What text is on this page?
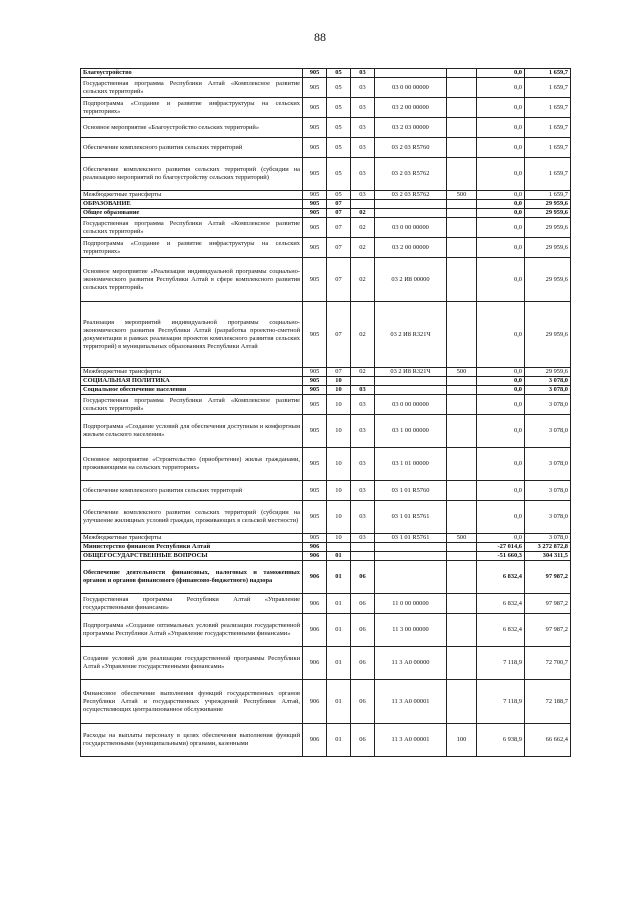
88
Благоустройство	905	05	03			0,0	1 659,7
Государственная программа Республики Алтай «Комплексное развитие сельских территорий»	905	05	03	03 0 00 00000		0,0	1 659,7
Подпрограмма «Создание и развитие инфраструктуры на сельских территориях»	905	05	03	03 2 00 00000		0,0	1 659,7
Основное мероприятие «Благоустройство сельских территорий»	905	05	03	03 2 03 00000		0,0	1 659,7
Обеспечение комплексного развития сельских территорий	905	05	03	03 2 03 R5760		0,0	1 659,7
Обеспечение комплексного развития сельских территорий (субсидии на реализацию мероприятий по благоустройству сельских территорий)	905	05	03	03 2 03 R5762		0,0	1 659,7
Межбюджетные трансферты	905	05	03	03 2 03 R5762	500	0,0	1 659,7
ОБРАЗОВАНИЕ	905	07				0,0	29 959,6
Общее образование	905	07	02			0,0	29 959,6
Государственная программа Республики Алтай «Комплексное развитие сельских территорий»	905	07	02	03 0 00 00000		0,0	29 959,6
Подпрограмма «Создание и развитие инфраструктуры на сельских территориях»	905	07	02	03 2 00 00000		0,0	29 959,6
Основное мероприятие «Реализация индивидуальной программы социально-экономического развития Республики Алтай в сфере комплексного развития сельских территорий»	905	07	02	03 2 И8 00000		0,0	29 959,6
Реализация мероприятий индивидуальной программы социально-экономического развития Республики Алтай (разработка проектно-сметной документации в рамках реализации проектов комплексного развития сельских территорий) в муниципальных образованиях Республики Алтай	905	07	02	03 2 И8 R321Ч		0,0	29 959,6
Межбюджетные трансферты	905	07	02	03 2 И8 R321Ч	500	0,0	29 959,6
СОЦИАЛЬНАЯ ПОЛИТИКА	905	10				0,0	3 078,0
Социальное обеспечение населения	905	10	03			0,0	3 078,0
Государственная программа Республики Алтай «Комплексное развитие сельских территорий»	905	10	03	03 0 00 00000		0,0	3 078,0
Подпрограмма «Создание условий для обеспечения доступным и комфортным жильем сельского населения»	905	10	03	03 1 00 00000		0,0	3 078,0
Основное мероприятие «Строительство (приобретение) жилья гражданами, проживающими на сельских территориях»	905	10	03	03 1 01 00000		0,0	3 078,0
Обеспечение комплексного развития сельских территорий	905	10	03	03 1 01 R5760		0,0	3 078,0
Обеспечение комплексного развития сельских территорий (субсидии на улучшение жилищных условий граждан, проживающих в сельской местности)	905	10	03	03 1 01 R5761		0,0	3 078,0
Межбюджетные трансферты	905	10	03	03 1 01 R5761	500	0,0	3 078,0
Министерство финансов Республики Алтай	906					-27 014,6	3 272 872,8
ОБЩЕГОСУДАРСТВЕННЫЕ ВОПРОСЫ	906	01				-51 660,3	304 311,5
Обеспечение деятельности финансовых, налоговых и таможенных органов и органов финансового (финансово-бюджетного) надзора	906	01	06			6 832,4	97 987,2
Государственная программа Республики Алтай «Управление государственными финансами»	906	01	06	11 0 00 00000		6 832,4	97 987,2
Подпрограмма «Создание оптимальных условий реализации государственной программы Республики Алтай «Управление государственными финансами»	906	01	06	11 3 00 00000		6 832,4	97 987,2
Создание условий для реализации государственной программы Республики Алтай «Управление государственными финансами»	906	01	06	11 3 А0 00000		7 118,9	72 700,7
Финансовое обеспечение выполнения функций государственных органов Республики Алтай и государственных учреждений Республики Алтай, осуществляющих централизованное обслуживание	906	01	06	11 3 А0 00001		7 118,9	72 188,7
Расходы на выплаты персоналу в целях обеспечения выполнения функций государственными (муниципальными) органами, казенными	906	01	06	11 3 А0 00001	100	6 938,9	66 662,4
